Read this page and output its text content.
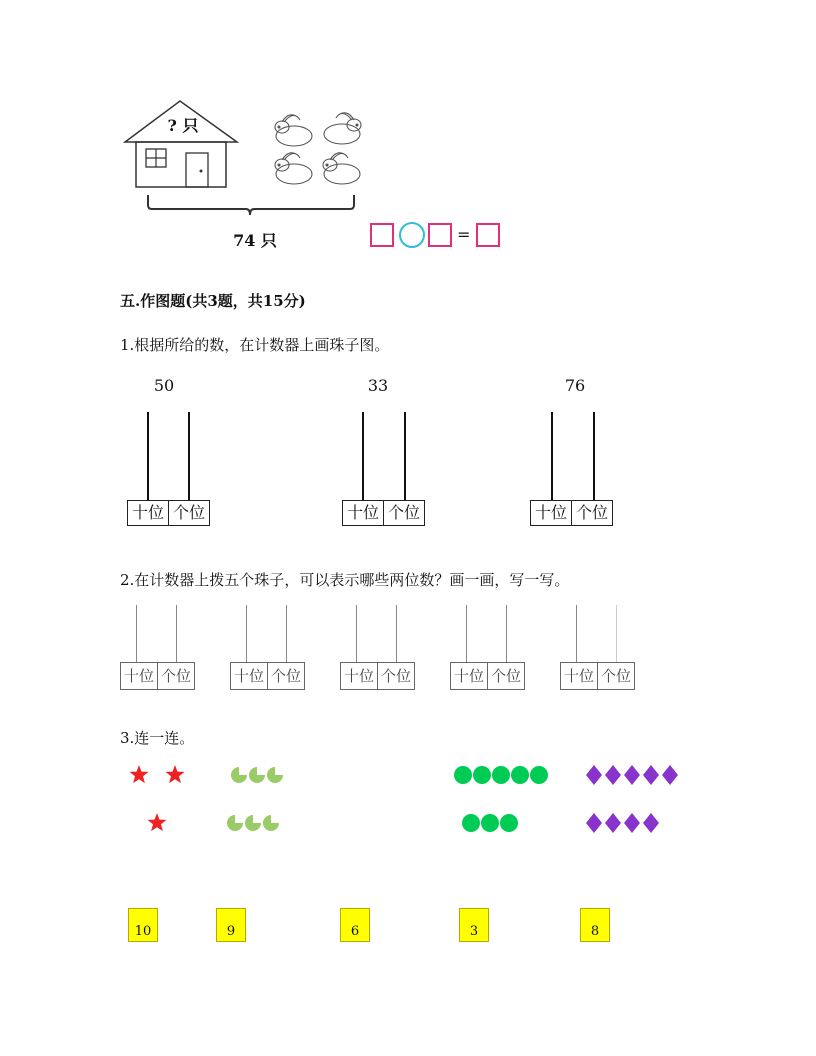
? 只
74 只	=
五.作图题(共3题，共15分)
1.根据所给的数，在计数器上画珠子图。
50
十位 个位
33
十位 个位
76
十位 个位
2.在计数器上拨五个珠子，可以表示哪些两位数？画一画，写一写。
十位 个位	十位 个位	十位 个位	十位 个位	十位 个位
3.连一连。
10	9	6	3	8
